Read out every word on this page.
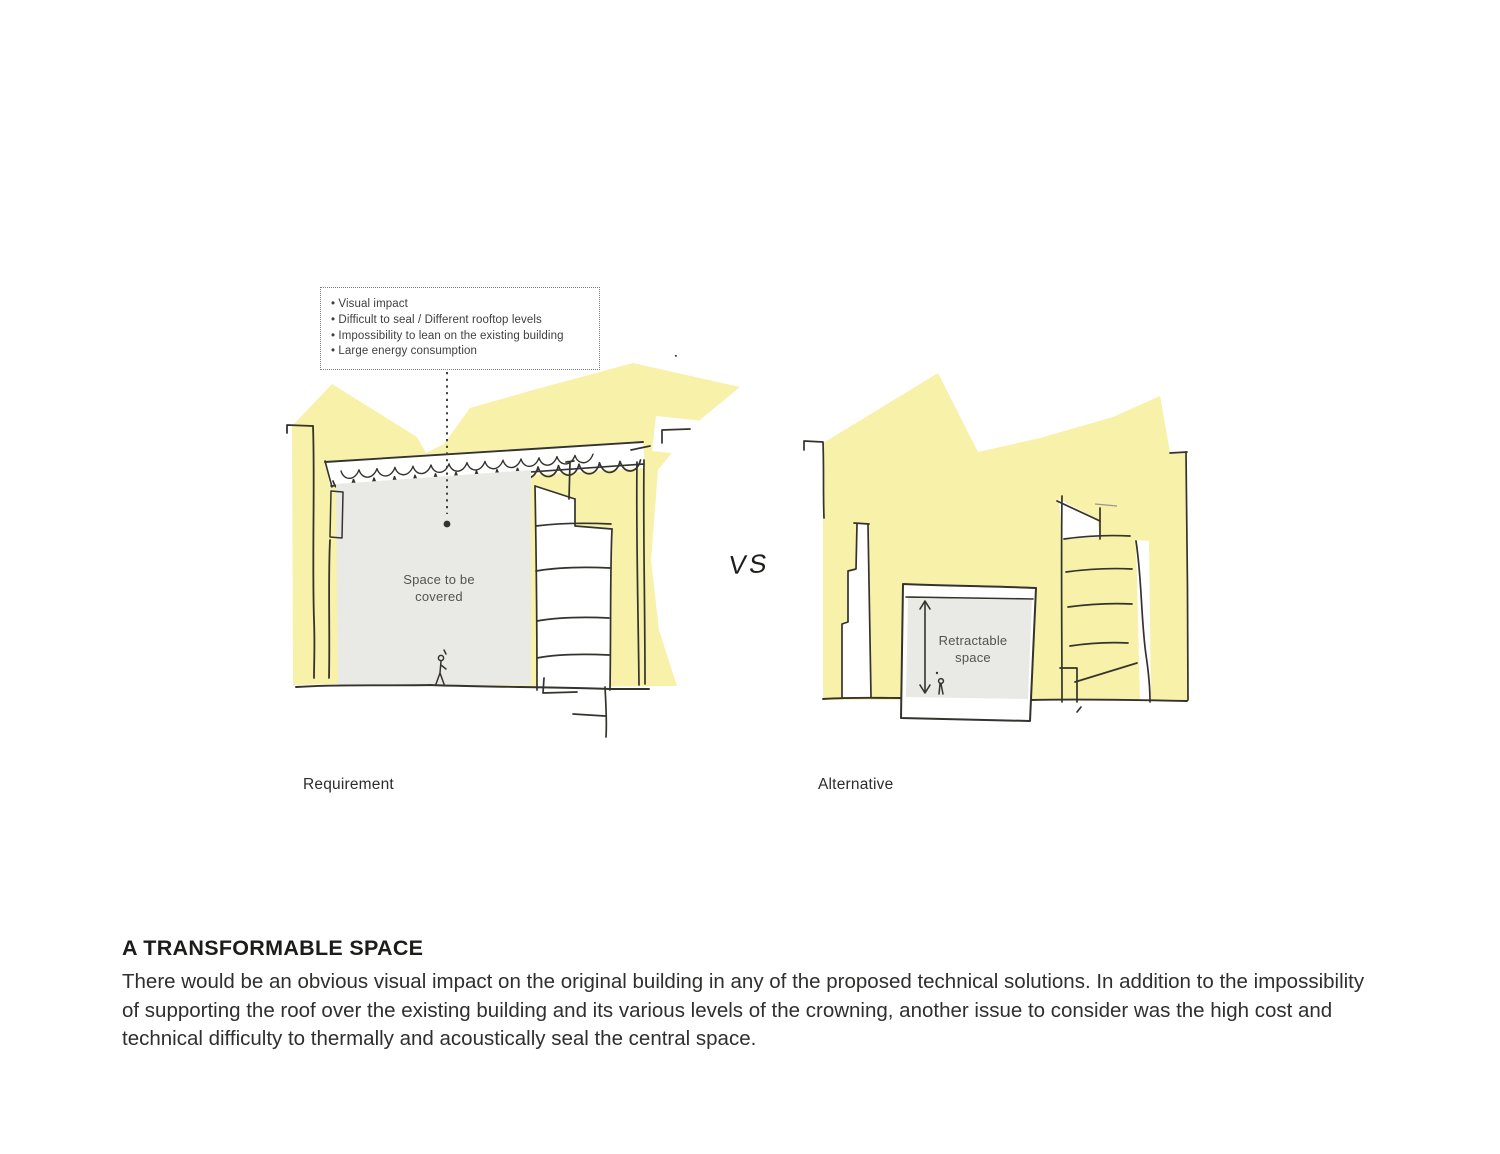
• Visual impact
• Difficult to seal / Different rooftop levels
• Impossibility to lean on the existing building
• Large energy consumption
Space to be covered
Retractable space
VS
Requirement	Alternative
A TRANSFORMABLE SPACE
There would be an obvious visual impact on the original building in any of the proposed technical solutions. In addition to the impossibility of supporting the roof over the existing building and its various levels of the crowning, another issue to consider was the high cost and technical difficulty to thermally and acoustically seal the central space.
